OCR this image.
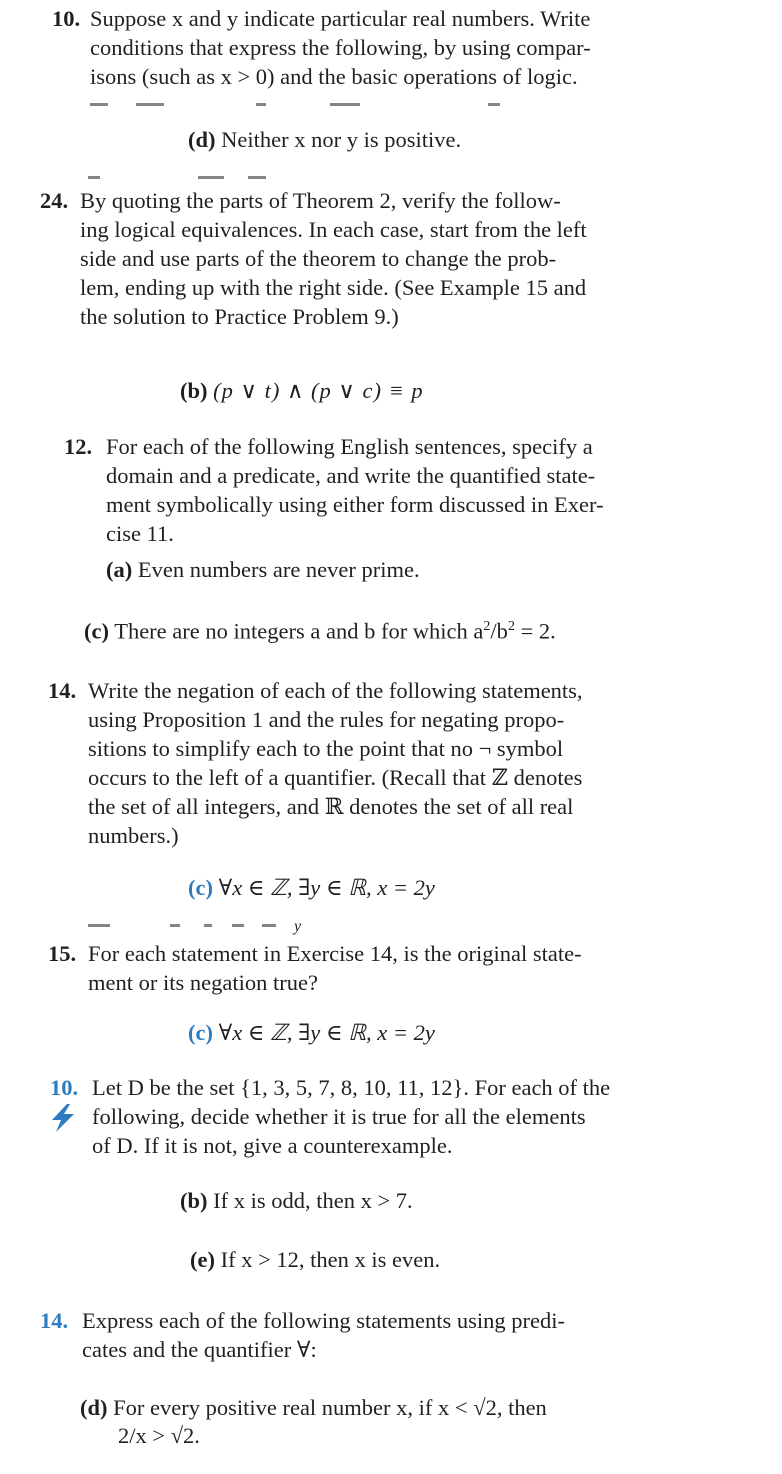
10. Suppose x and y indicate particular real numbers. Write
conditions that express the following, by using compar-
isons (such as x > 0) and the basic operations of logic.
(d) Neither x nor y is positive.
24. By quoting the parts of Theorem 2, verify the follow-
ing logical equivalences. In each case, start from the left
side and use parts of the theorem to change the prob-
lem, ending up with the right side. (See Example 15 and
the solution to Practice Problem 9.)
(b) (p ∨ t) ∧ (p ∨ c) ≡ p
12. For each of the following English sentences, specify a
domain and a predicate, and write the quantified state-
ment symbolically using either form discussed in Exer-
cise 11.
(a) Even numbers are never prime.
(c) There are no integers a and b for which $a^2/b^2 = 2$.
14. Write the negation of each of the following statements,
using Proposition 1 and the rules for negating propo-
sitions to simplify each to the point that no ¬ symbol
occurs to the left of a quantifier. (Recall that ℤ denotes
the set of all integers, and ℝ denotes the set of all real
numbers.)
(c) ∀x ∈ ℤ, ∃y ∈ ℝ, x = 2y
y
15. For each statement in Exercise 14, is the original state-
ment or its negation true?
(c) ∀x ∈ ℤ, ∃y ∈ ℝ, x = 2y
10. Let D be the set {1, 3, 5, 7, 8, 10, 11, 12}. For each of the
following, decide whether it is true for all the elements
of D. If it is not, give a counterexample.
(b) If x is odd, then x > 7.
(e) If x > 12, then x is even.
14. Express each of the following statements using predi-
cates and the quantifier ∀:
(d) For every positive real number x, if x < √2, then
2/x > √2.
